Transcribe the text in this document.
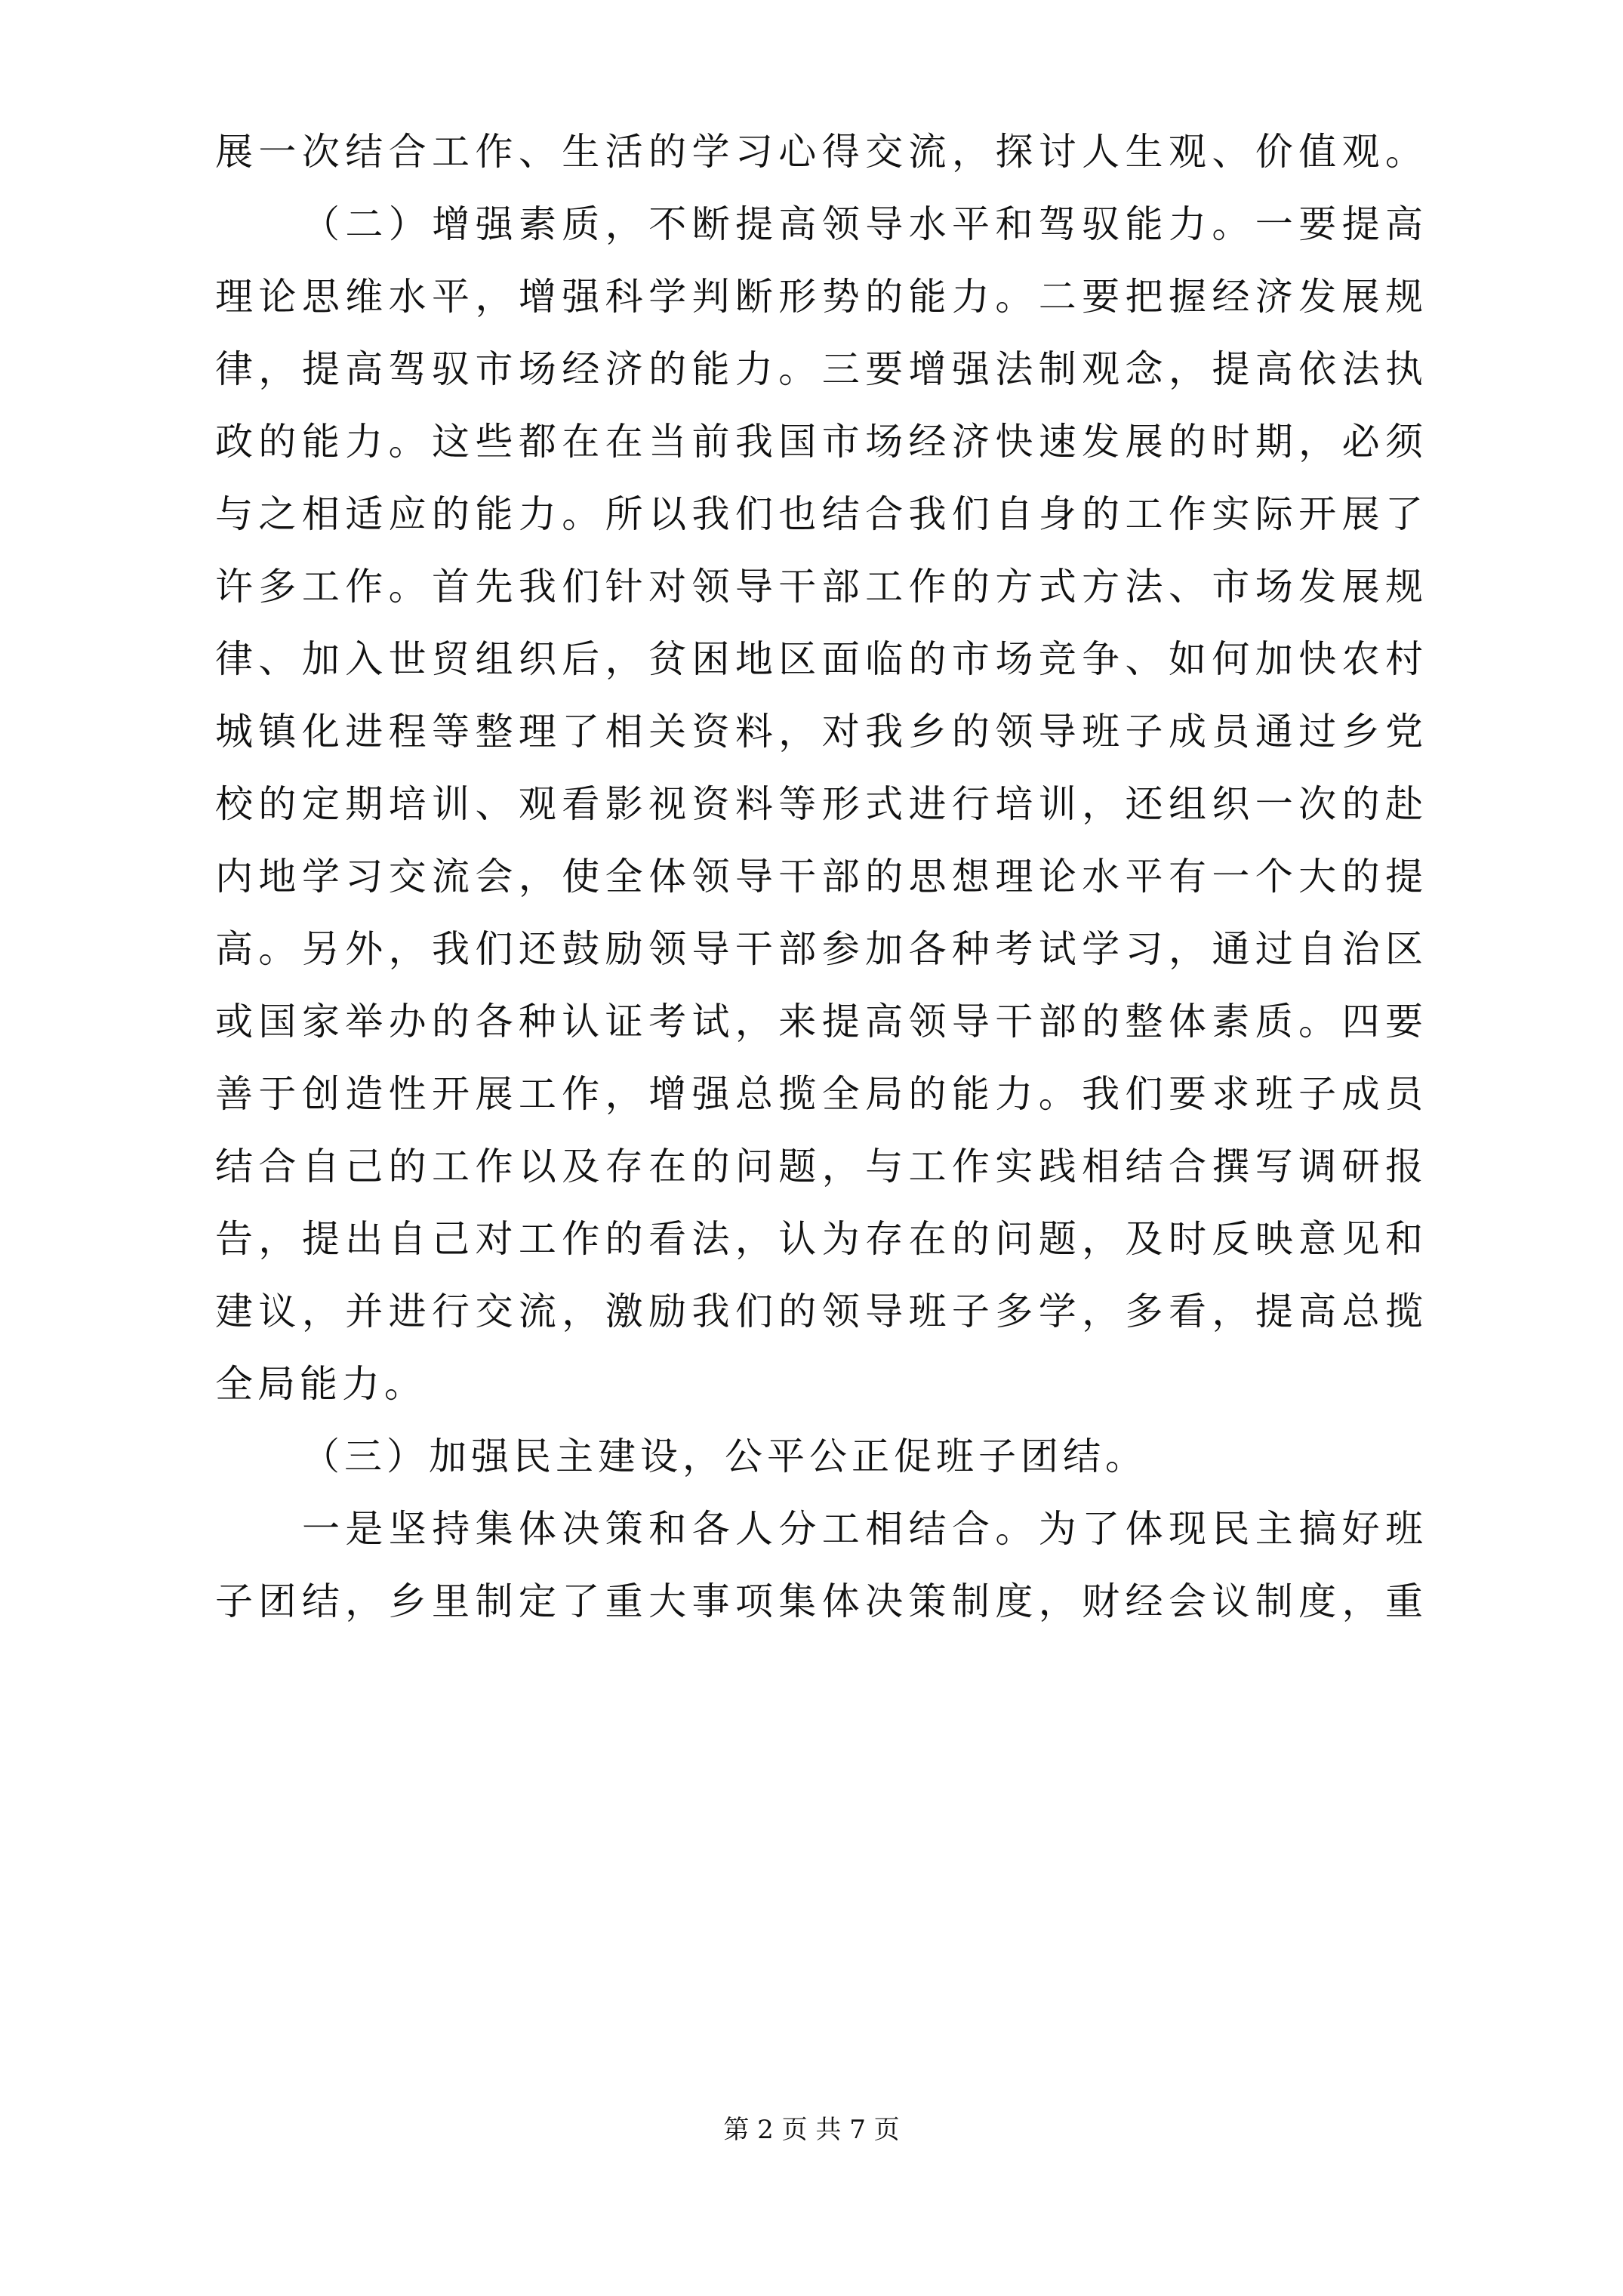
展一次结合工作、生活的学习心得交流，探讨人生观、价值观。
（二）增强素质，不断提高领导水平和驾驭能力。一要提高
理论思维水平，增强科学判断形势的能力。二要把握经济发展规
律，提高驾驭市场经济的能力。三要增强法制观念，提高依法执
政的能力。这些都在在当前我国市场经济快速发展的时期，必须
与之相适应的能力。所以我们也结合我们自身的工作实际开展了
许多工作。首先我们针对领导干部工作的方式方法、市场发展规
律、加入世贸组织后，贫困地区面临的市场竞争、如何加快农村
城镇化进程等整理了相关资料，对我乡的领导班子成员通过乡党
校的定期培训、观看影视资料等形式进行培训，还组织一次的赴
内地学习交流会，使全体领导干部的思想理论水平有一个大的提
高。另外，我们还鼓励领导干部参加各种考试学习，通过自治区
或国家举办的各种认证考试，来提高领导干部的整体素质。四要
善于创造性开展工作，增强总揽全局的能力。我们要求班子成员
结合自己的工作以及存在的问题，与工作实践相结合撰写调研报
告，提出自己对工作的看法，认为存在的问题，及时反映意见和
建议，并进行交流，激励我们的领导班子多学，多看，提高总揽
全局能力。
（三）加强民主建设，公平公正促班子团结。
一是坚持集体决策和各人分工相结合。为了体现民主搞好班
子团结，乡里制定了重大事项集体决策制度，财经会议制度，重
第 2 页 共 7 页
